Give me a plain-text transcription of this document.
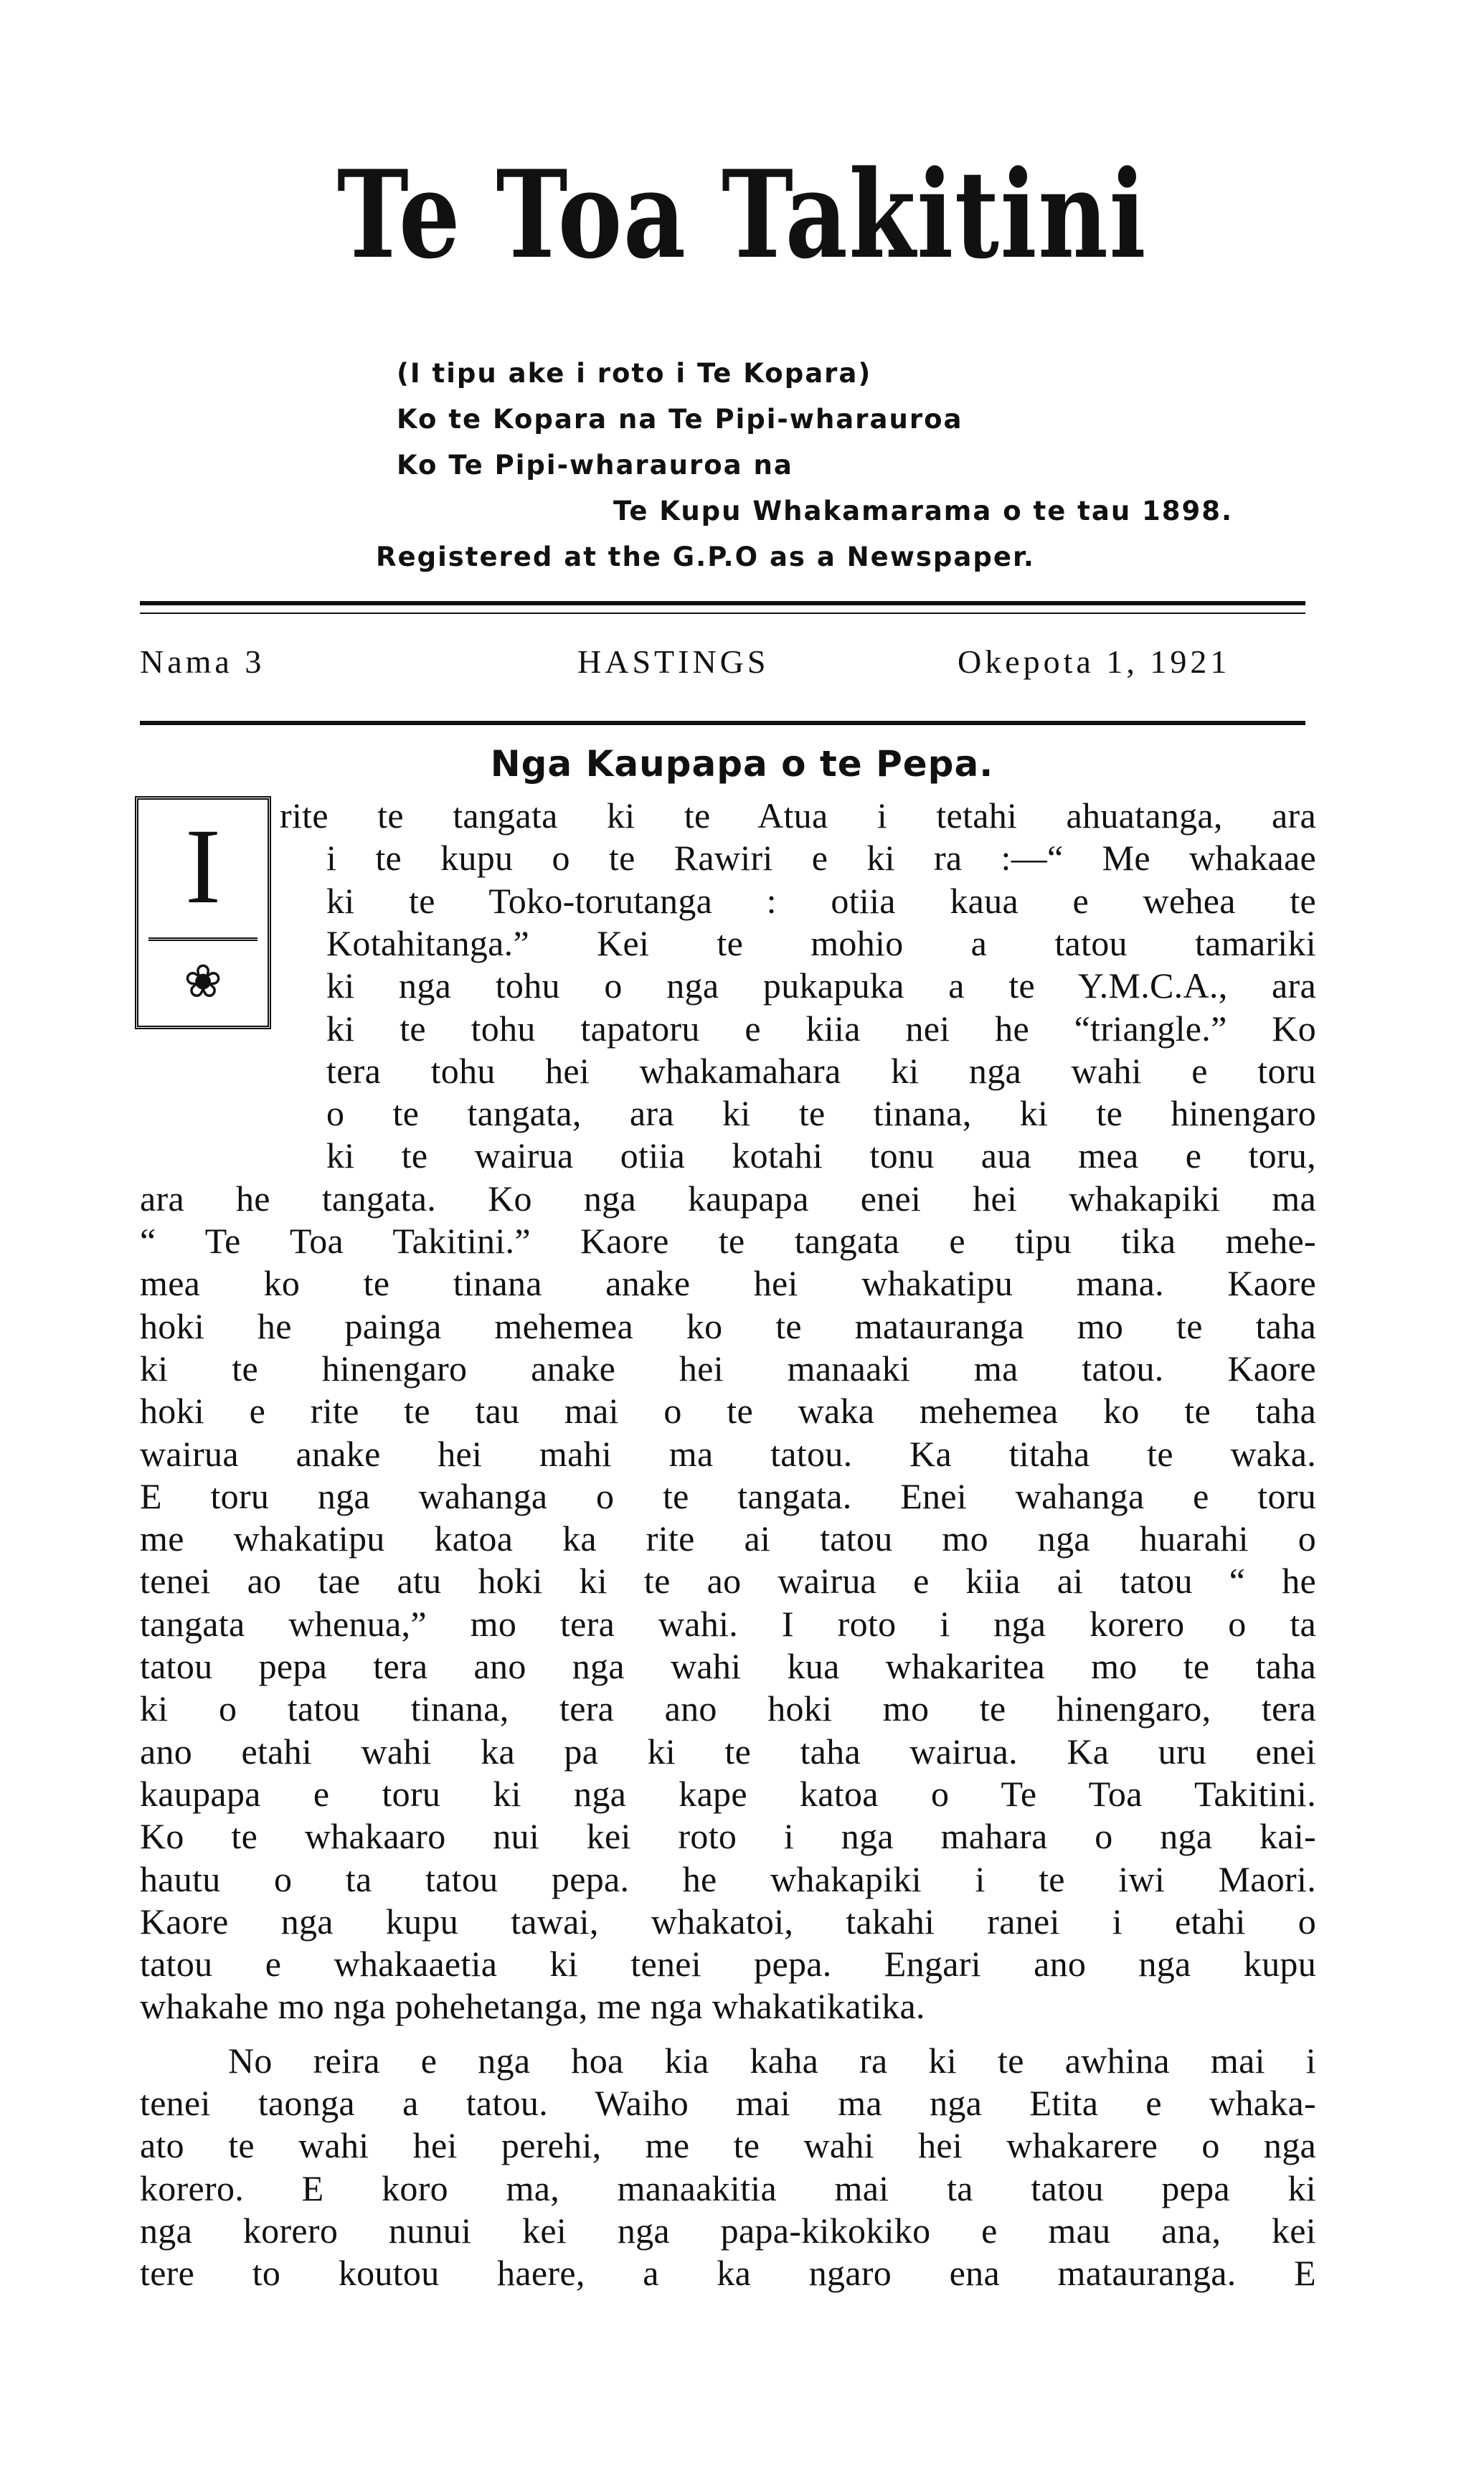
Te Toa Takitini
(I tipu ake i roto i Te Kopara)
Ko te Kopara na Te Pipi-wharauroa
Ko Te Pipi-wharauroa na
Te Kupu Whakamarama o te tau 1898.
Registered at the G.P.O as a Newspaper.
Nama 3	HASTINGS	Okepota 1, 1921
Nga Kaupapa o te Pepa.
I
❀
rite te tangata ki te Atua i tetahi ahuatanga, ara
i te kupu o te Rawiri e ki ra :—“ Me whakaae
ki te Toko-torutanga : otiia kaua e wehea te
Kotahitanga.” Kei te mohio a tatou tamariki
ki nga tohu o nga pukapuka a te Y.M.C.A., ara
ki te tohu tapatoru e kiia nei he “triangle.” Ko
tera tohu hei whakamahara ki nga wahi e toru
o te tangata, ara ki te tinana, ki te hinengaro
ki te wairua otiia kotahi tonu aua mea e toru,
ara he tangata. Ko nga kaupapa enei hei whakapiki ma
“ Te Toa Takitini.” Kaore te tangata e tipu tika mehe-
mea ko te tinana anake hei whakatipu mana. Kaore
hoki he painga mehemea ko te matauranga mo te taha
ki te hinengaro anake hei manaaki ma tatou. Kaore
hoki e rite te tau mai o te waka mehemea ko te taha
wairua anake hei mahi ma tatou. Ka titaha te waka.
E toru nga wahanga o te tangata. Enei wahanga e toru
me whakatipu katoa ka rite ai tatou mo nga huarahi o
tenei ao tae atu hoki ki te ao wairua e kiia ai tatou “ he
tangata whenua,” mo tera wahi. I roto i nga korero o ta
tatou pepa tera ano nga wahi kua whakaritea mo te taha
ki o tatou tinana, tera ano hoki mo te hinengaro, tera
ano etahi wahi ka pa ki te taha wairua. Ka uru enei
kaupapa e toru ki nga kape katoa o Te Toa Takitini.
Ko te whakaaro nui kei roto i nga mahara o nga kai-
hautu o ta tatou pepa. he whakapiki i te iwi Maori.
Kaore nga kupu tawai, whakatoi, takahi ranei i etahi o
tatou e whakaaetia ki tenei pepa. Engari ano nga kupu
whakahe mo nga pohehetanga, me nga whakatikatika.
No reira e nga hoa kia kaha ra ki te awhina mai i
tenei taonga a tatou. Waiho mai ma nga Etita e whaka-
ato te wahi hei perehi, me te wahi hei whakarere o nga
korero. E koro ma, manaakitia mai ta tatou pepa ki
nga korero nunui kei nga papa-kikokiko e mau ana, kei
tere to koutou haere, a ka ngaro ena matauranga. E
